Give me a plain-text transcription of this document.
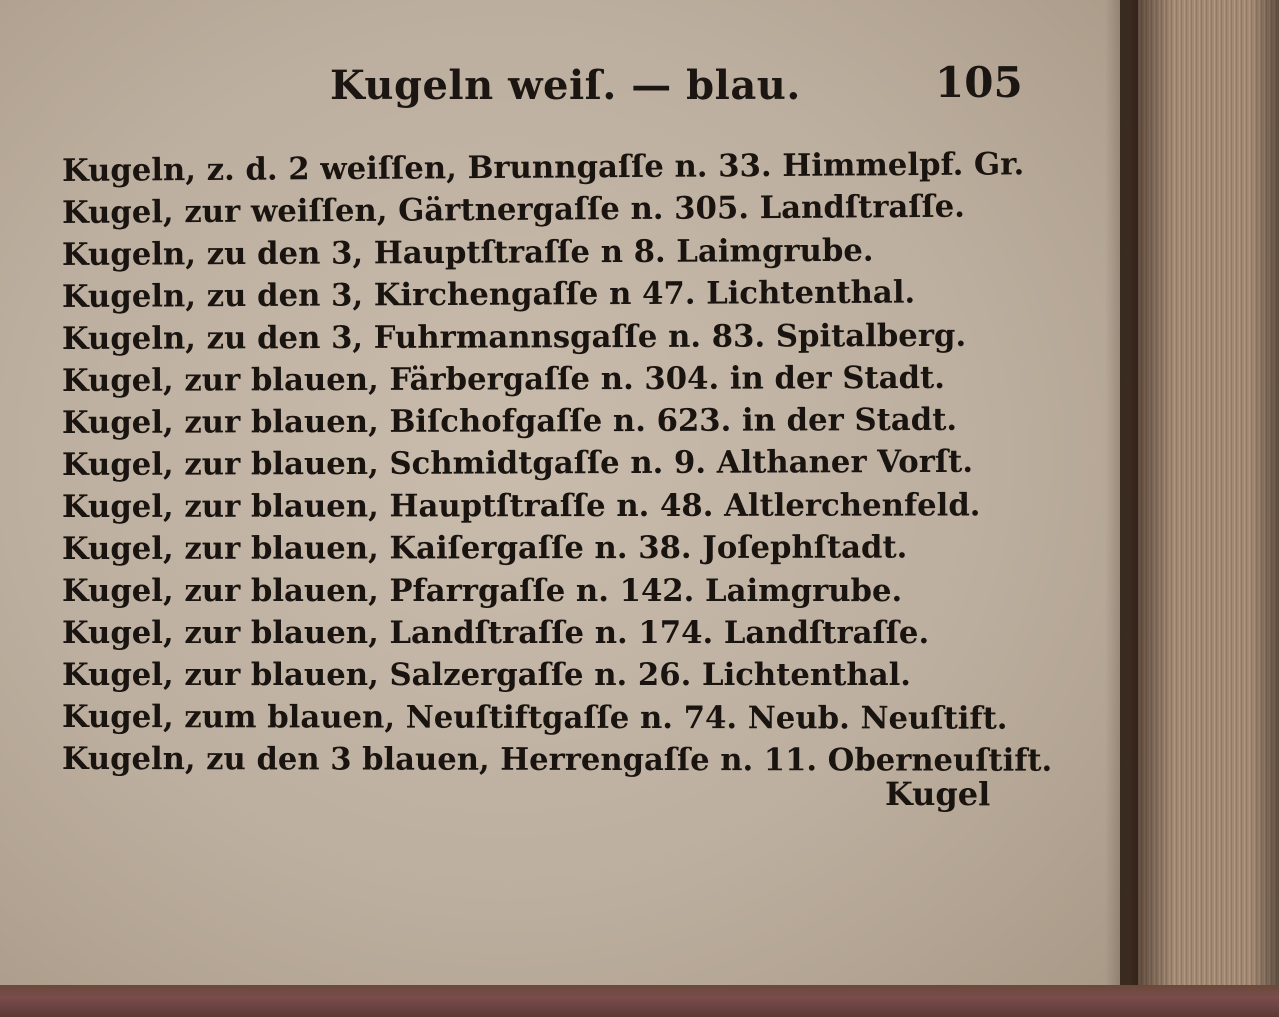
Kugeln weiſ. — blau.	105
Kugeln, z. d. 2 weiſſen, Brunngaſſe n. 33. Himmelpf. Gr.
Kugel, zur weiſſen, Gärtnergaſſe n. 305. Landſtraſſe.
Kugeln, zu den 3, Hauptſtraſſe n 8. Laimgrube.
Kugeln, zu den 3, Kirchengaſſe n 47. Lichtenthal.
Kugeln, zu den 3, Fuhrmannsgaſſe n. 83. Spitalberg.
Kugel, zur blauen, Färbergaſſe n. 304. in der Stadt.
Kugel, zur blauen, Biſchofgaſſe n. 623. in der Stadt.
Kugel, zur blauen, Schmidtgaſſe n. 9. Althaner Vorſt.
Kugel, zur blauen, Hauptſtraſſe n. 48. Altlerchenfeld.
Kugel, zur blauen, Kaiſergaſſe n. 38. Joſephſtadt.
Kugel, zur blauen, Pfarrgaſſe n. 142. Laimgrube.
Kugel, zur blauen, Landſtraſſe n. 174. Landſtraſſe.
Kugel, zur blauen, Salzergaſſe n. 26. Lichtenthal.
Kugel, zum blauen, Neuſtiftgaſſe n. 74. Neub. Neuſtift.
Kugeln, zu den 3 blauen, Herrengaſſe n. 11. Oberneuſtift.
Kugel
